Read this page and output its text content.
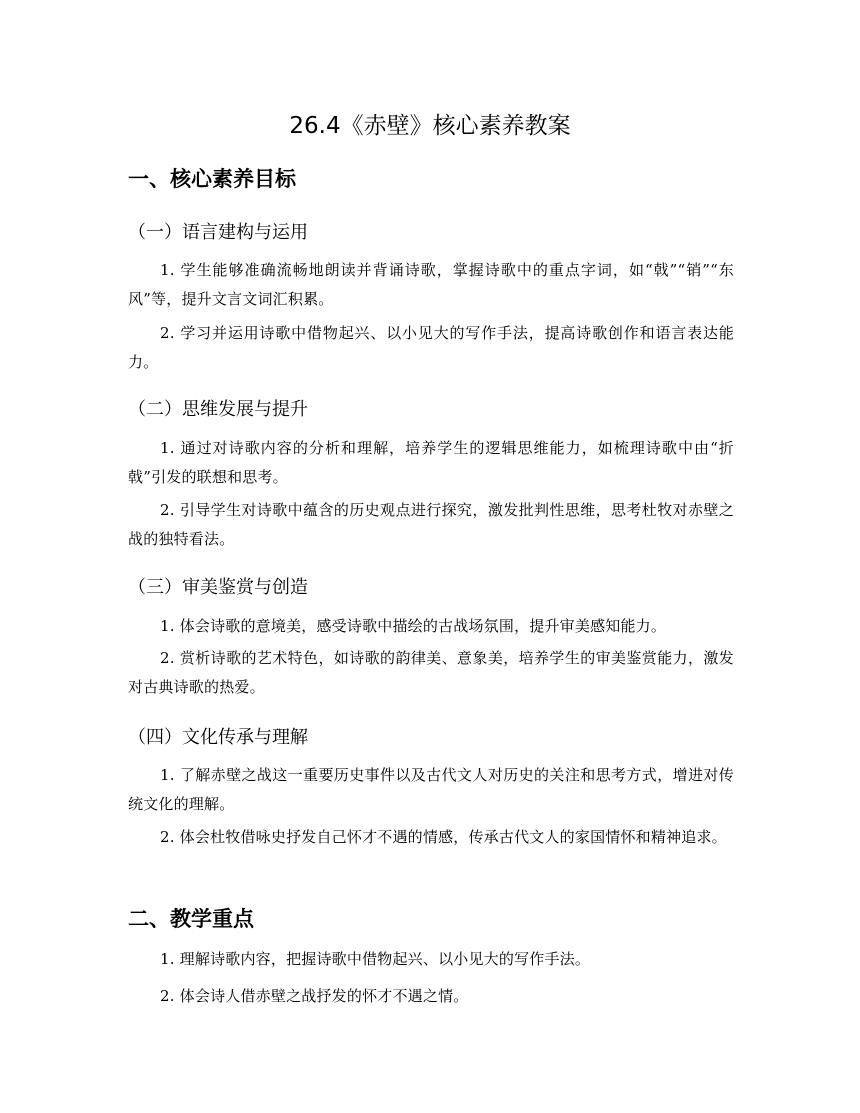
26.4《赤壁》核心素养教案
一、核心素养目标
（一）语言建构与运用

1. 学生能够准确流畅地朗读并背诵诗歌，掌握诗歌中的重点字词，如“戟”“销”“东风”等，提升文言文词汇积累。

2. 学习并运用诗歌中借物起兴、以小见大的写作手法，提高诗歌创作和语言表达能力。

（二）思维发展与提升

1. 通过对诗歌内容的分析和理解，培养学生的逻辑思维能力，如梳理诗歌中由“折戟”引发的联想和思考。

2. 引导学生对诗歌中蕴含的历史观点进行探究，激发批判性思维，思考杜牧对赤壁之战的独特看法。

（三）审美鉴赏与创造

1. 体会诗歌的意境美，感受诗歌中描绘的古战场氛围，提升审美感知能力。

2. 赏析诗歌的艺术特色，如诗歌的韵律美、意象美，培养学生的审美鉴赏能力，激发对古典诗歌的热爱。

（四）文化传承与理解

1. 了解赤壁之战这一重要历史事件以及古代文人对历史的关注和思考方式，增进对传统文化的理解。

2. 体会杜牧借咏史抒发自己怀才不遇的情感，传承古代文人的家国情怀和精神追求。

二、教学重点

1. 理解诗歌内容，把握诗歌中借物起兴、以小见大的写作手法。

2. 体会诗人借赤壁之战抒发的怀才不遇之情。
